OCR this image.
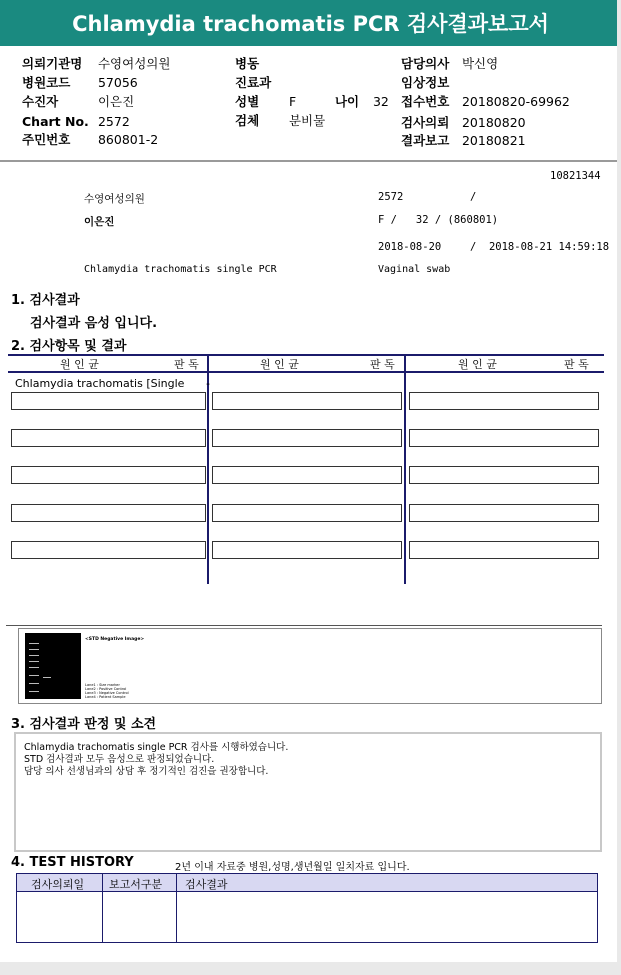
Chlamydia trachomatis PCR 검사결과보고서
의뢰기관명 수영여성의원
병원코드 57056
수진자	이은진
Chart No. 2572
주민번호 860801-2
병동
진료과
성별 F	나이 32
검체 분비물
담당의사 박신영
임상정보
접수번호 20180820-69962
검사의뢰 20180820
결과보고 20180821
10821344
수영여성의원	2572	/
이은진	F /   32 / (860801)
2018-08-20	/  2018-08-21 14:59:18
Chlamydia trachomatis single PCR	Vaginal swab
1. 검사결과
검사결과 음성 입니다.
2. 검사항목 및 결과
원 인 균	판 독	원 인 균	판 독	원 인 균	판 독
Chlamydia trachomatis [Single -
<STD Negative Image>
Lane1 : Size marker
Lane2 : Positive Control
Lane3 : Negative Control
Lane4 : Patient Sample
3. 검사결과 판정 및 소견
Chlamydia trachomatis single PCR 검사를 시행하였습니다.
STD 검사결과 모두 음성으로 판정되었습니다.
담당 의사 선생님과의 상담 후 정기적인 검진을 권장합니다.
4. TEST HISTORY	2년 이내 자료중 병원,성명,생년월일 일치자료 입니다.
검사의뢰일 보고서구분 검사결과
